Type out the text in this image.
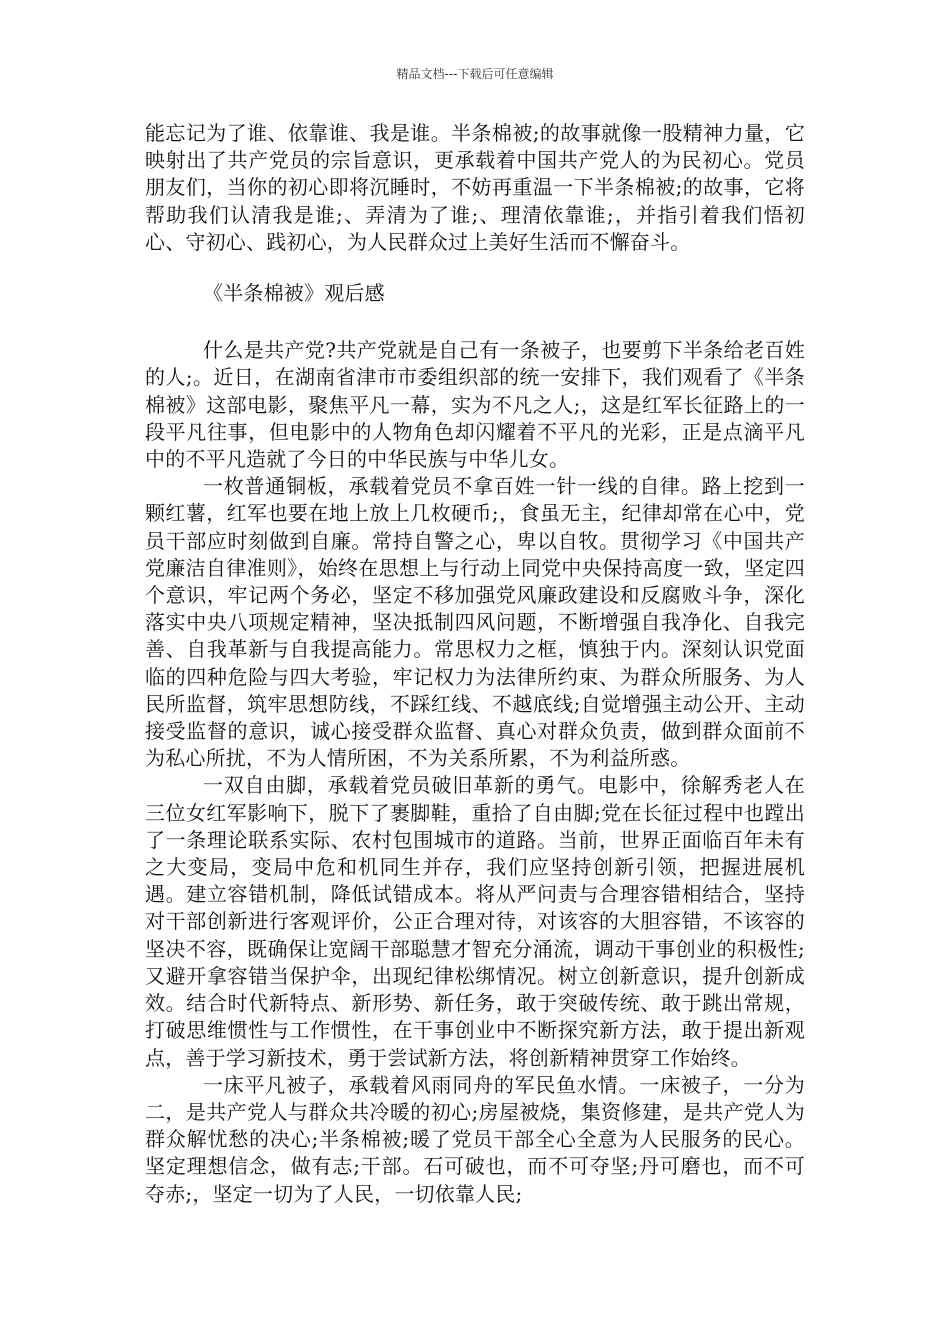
精品文档---下载后可任意编辑

能忘记为了谁、依靠谁、我是谁。半条棉被;的故事就像一股精神力量，它映射出了共产党员的宗旨意识，更承载着中国共产党人的为民初心。党员朋友们，当你的初心即将沉睡时，不妨再重温一下半条棉被;的故事，它将帮助我们认清我是谁;、弄清为了谁;、理清依靠谁;，并指引着我们悟初心、守初心、践初心，为人民群众过上美好生活而不懈奋斗。

《半条棉被》观后感

什么是共产党?共产党就是自己有一条被子，也要剪下半条给老百姓的人;。近日，在湖南省津市市委组织部的统一安排下，我们观看了《半条棉被》这部电影，聚焦平凡一幕，实为不凡之人;，这是红军长征路上的一段平凡往事，但电影中的人物角色却闪耀着不平凡的光彩，正是点滴平凡中的不平凡造就了今日的中华民族与中华儿女。

一枚普通铜板，承载着党员不拿百姓一针一线的自律。路上挖到一颗红薯，红军也要在地上放上几枚硬币;，食虽无主，纪律却常在心中，党员干部应时刻做到自廉。常持自警之心，卑以自牧。贯彻学习《中国共产党廉洁自律准则》，始终在思想上与行动上同党中央保持高度一致，坚定四个意识，牢记两个务必，坚定不移加强党风廉政建设和反腐败斗争，深化落实中央八项规定精神，坚决抵制四风问题，不断增强自我净化、自我完善、自我革新与自我提高能力。常思权力之框，慎独于内。深刻认识党面临的四种危险与四大考验，牢记权力为法律所约束、为群众所服务、为人民所监督，筑牢思想防线，不踩红线、不越底线;自觉增强主动公开、主动接受监督的意识，诚心接受群众监督、真心对群众负责，做到群众面前不为私心所扰，不为人情所困，不为关系所累，不为利益所惑。

一双自由脚，承载着党员破旧革新的勇气。电影中，徐解秀老人在三位女红军影响下，脱下了裹脚鞋，重拾了自由脚;党在长征过程中也蹚出了一条理论联系实际、农村包围城市的道路。当前，世界正面临百年未有之大变局，变局中危和机同生并存，我们应坚持创新引领，把握进展机遇。建立容错机制，降低试错成本。将从严问责与合理容错相结合，坚持对干部创新进行客观评价，公正合理对待，对该容的大胆容错，不该容的坚决不容，既确保让宽阔干部聪慧才智充分涌流，调动干事创业的积极性;又避开拿容错当保护伞，出现纪律松绑情况。树立创新意识，提升创新成效。结合时代新特点、新形势、新任务，敢于突破传统、敢于跳出常规，打破思维惯性与工作惯性，在干事创业中不断探究新方法，敢于提出新观点，善于学习新技术，勇于尝试新方法，将创新精神贯穿工作始终。

一床平凡被子，承载着风雨同舟的军民鱼水情。一床被子，一分为二，是共产党人与群众共冷暖的初心;房屋被烧，集资修建，是共产党人为群众解忧愁的决心;半条棉被;暖了党员干部全心全意为人民服务的民心。坚定理想信念，做有志;干部。石可破也，而不可夺坚;丹可磨也，而不可夺赤;，坚定一切为了人民，一切依靠人民;
